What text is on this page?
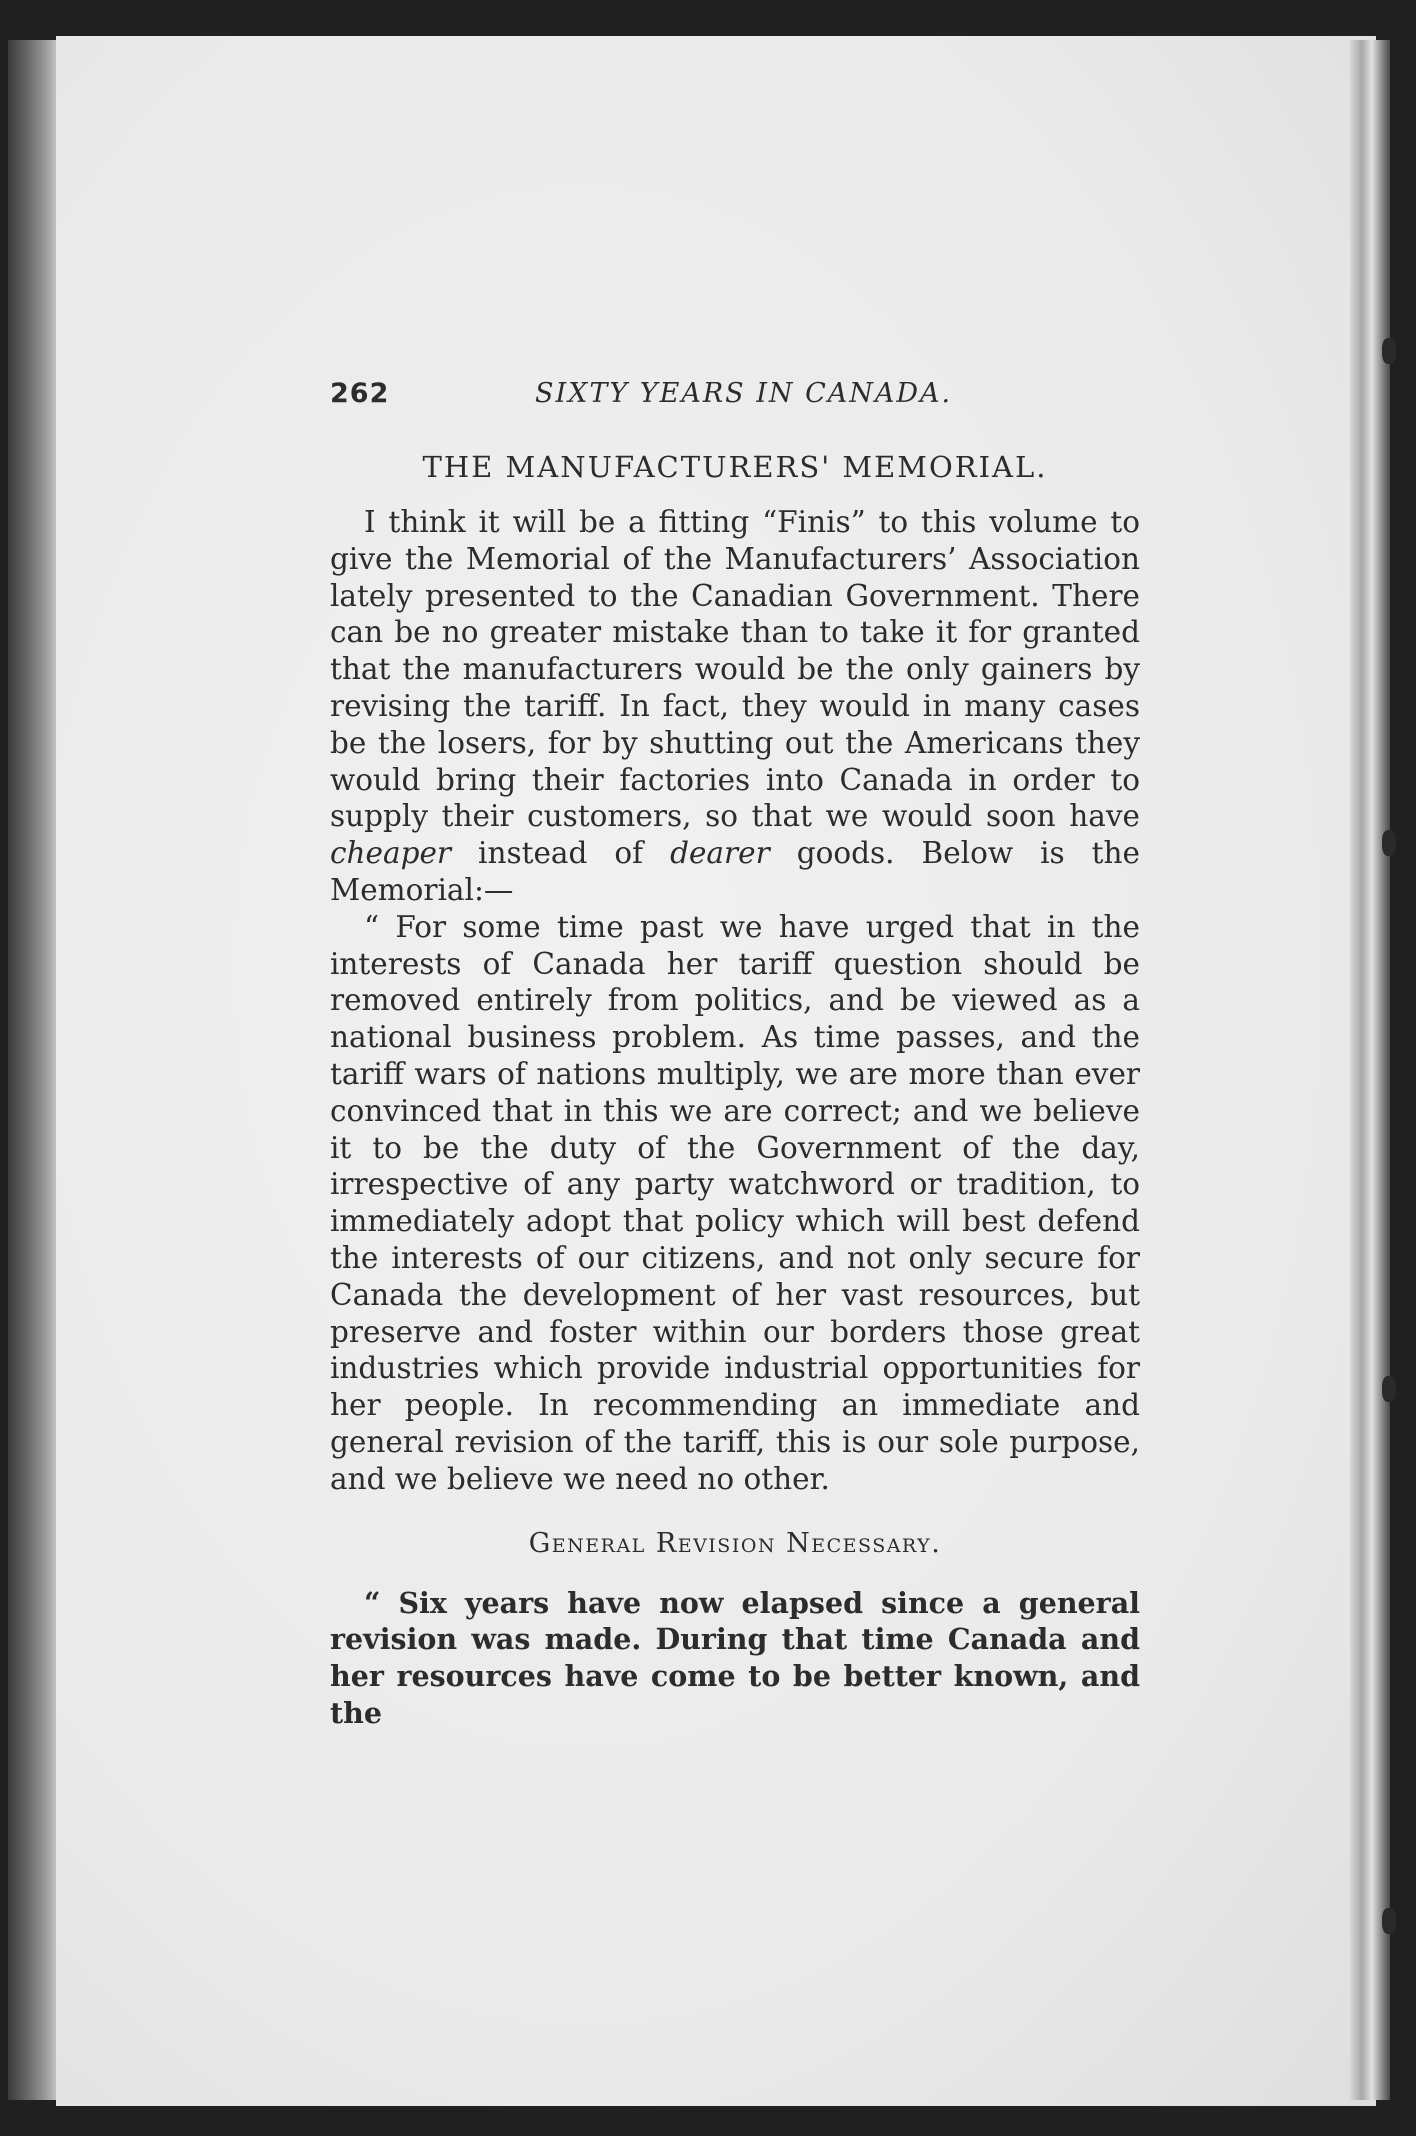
262	SIXTY YEARS IN CANADA.
THE MANUFACTURERS' MEMORIAL.

I think it will be a fitting “Finis” to this volume to give the Memorial of the Manufacturers’ Association lately presented to the Canadian Government. There can be no greater mistake than to take it for granted that the manufacturers would be the only gainers by revising the tariff. In fact, they would in many cases be the losers, for by shutting out the Americans they would bring their factories into Canada in order to supply their customers, so that we would soon have cheaper instead of dearer goods. Below is the Memorial:—

“ For some time past we have urged that in the interests of Canada her tariff question should be removed entirely from politics, and be viewed as a national business problem. As time passes, and the tariff wars of nations multiply, we are more than ever convinced that in this we are correct; and we believe it to be the duty of the Government of the day, irrespective of any party watchword or tradition, to immediately adopt that policy which will best defend the interests of our citizens, and not only secure for Canada the development of her vast resources, but preserve and foster within our borders those great industries which provide industrial opportunities for her people. In recommending an immediate and general revision of the tariff, this is our sole purpose, and we believe we need no other.

General Revision Necessary.

“ Six years have now elapsed since a general revision was made. During that time Canada and her resources have come to be better known, and the
